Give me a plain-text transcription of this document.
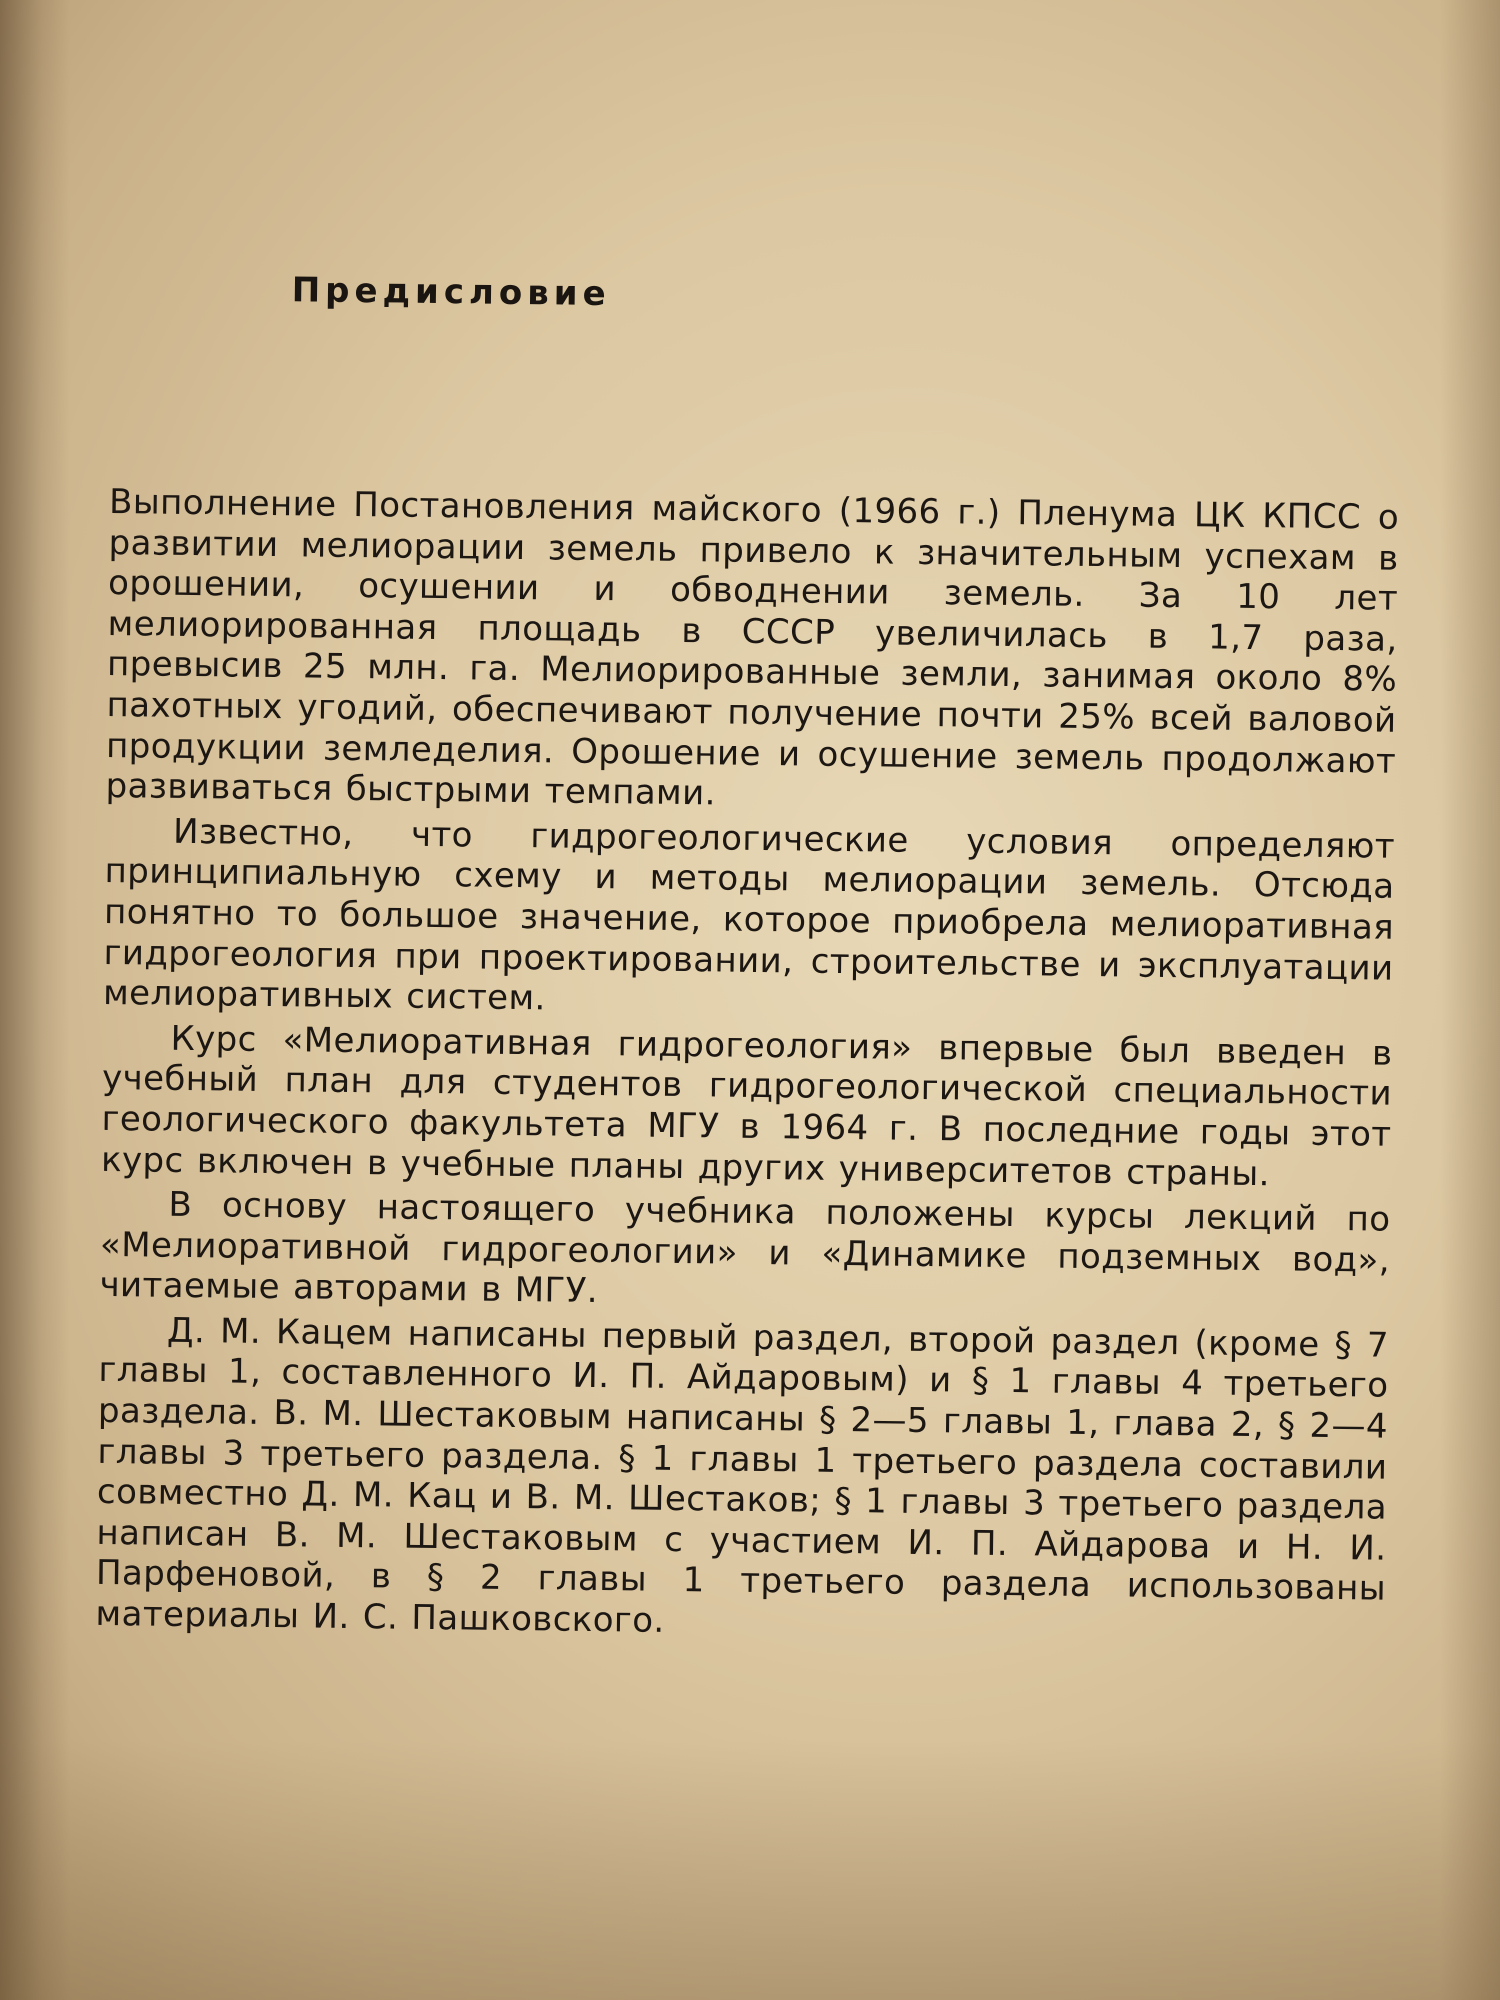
Предисловие

Выполнение Постановления майского (1966 г.) Пленума ЦК КПСС о развитии мелиорации земель привело к значительным успехам в орошении, осушении и обводнении земель. За 10 лет мелиорированная площадь в СССР увеличилась в 1,7 раза, превысив 25 млн. га. Мелиорированные земли, занимая около 8% пахотных угодий, обеспечивают получение почти 25% всей валовой продукции земледелия. Орошение и осушение земель продолжают развиваться быстрыми темпами.

Известно, что гидрогеологические условия определяют принципиальную схему и методы мелиорации земель. Отсюда понятно то большое значение, которое приобрела мелиоративная гидрогеология при проектировании, строительстве и эксплуатации мелиоративных систем.

Курс «Мелиоративная гидрогеология» впервые был введен в учебный план для студентов гидрогеологической специальности геологического факультета МГУ в 1964 г. В последние годы этот курс включен в учебные планы других университетов страны.

В основу настоящего учебника положены курсы лекций по «Мелиоративной гидрогеологии» и «Динамике подземных вод», читаемые авторами в МГУ.

Д. М. Кацем написаны первый раздел, второй раздел (кроме § 7 главы 1, составленного И. П. Айдаровым) и § 1 главы 4 третьего раздела. В. М. Шестаковым написаны § 2—5 главы 1, глава 2, § 2—4 главы 3 третьего раздела. § 1 главы 1 третьего раздела составили совместно Д. М. Кац и В. М. Шестаков; § 1 главы 3 третьего раздела написан В. М. Шестаковым с участием И. П. Айдарова и Н. И. Парфеновой, в § 2 главы 1 третьего раздела использованы материалы И. С. Пашковского.
